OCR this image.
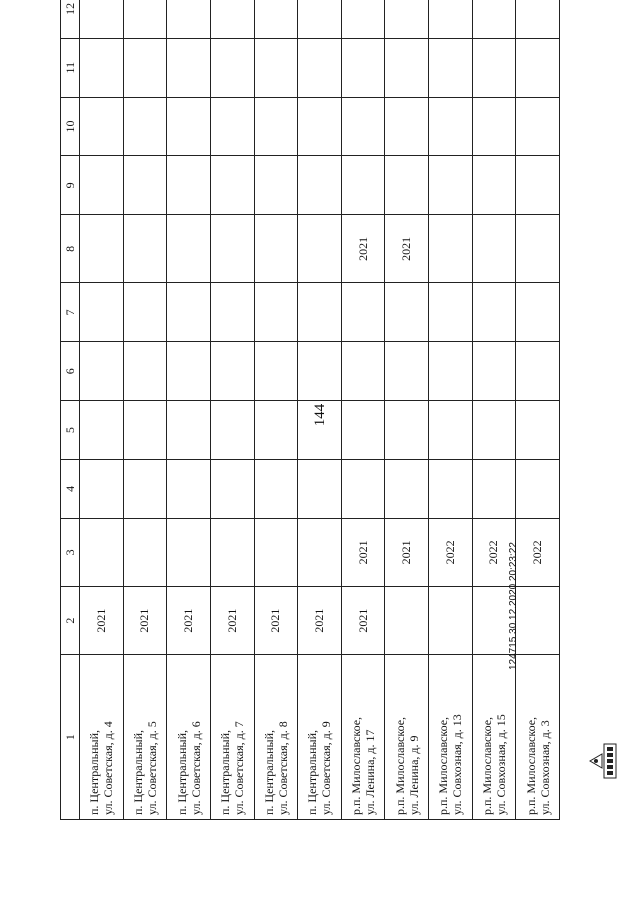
144
1	2	3	4	5	6	7	8	9	10	11	12	

п. Центральный, ул. Советская, д. 4	2021											

п. Центральный, ул. Советская, д. 5	2021											

п. Центральный, ул. Советская, д. 6	2021											

п. Центральный, ул. Советская, д. 7	2021											

п. Центральный, ул. Советская, д. 8	2021											

п. Центральный, ул. Советская, д. 9	2021											

р.п. Милославское, ул. Ленина, д. 17	2021	2021					2021					

р.п. Милославское, ул. Ленина, д. 9		2021					2021					

р.п. Милославское, ул. Совхозная, д. 13		2022										

р.п. Милославское, ул. Совхозная, д. 15		2022										

р.п. Милославское, ул. Совхозная, д. 3		2022										
124715 30.12.2020 20:23:22
